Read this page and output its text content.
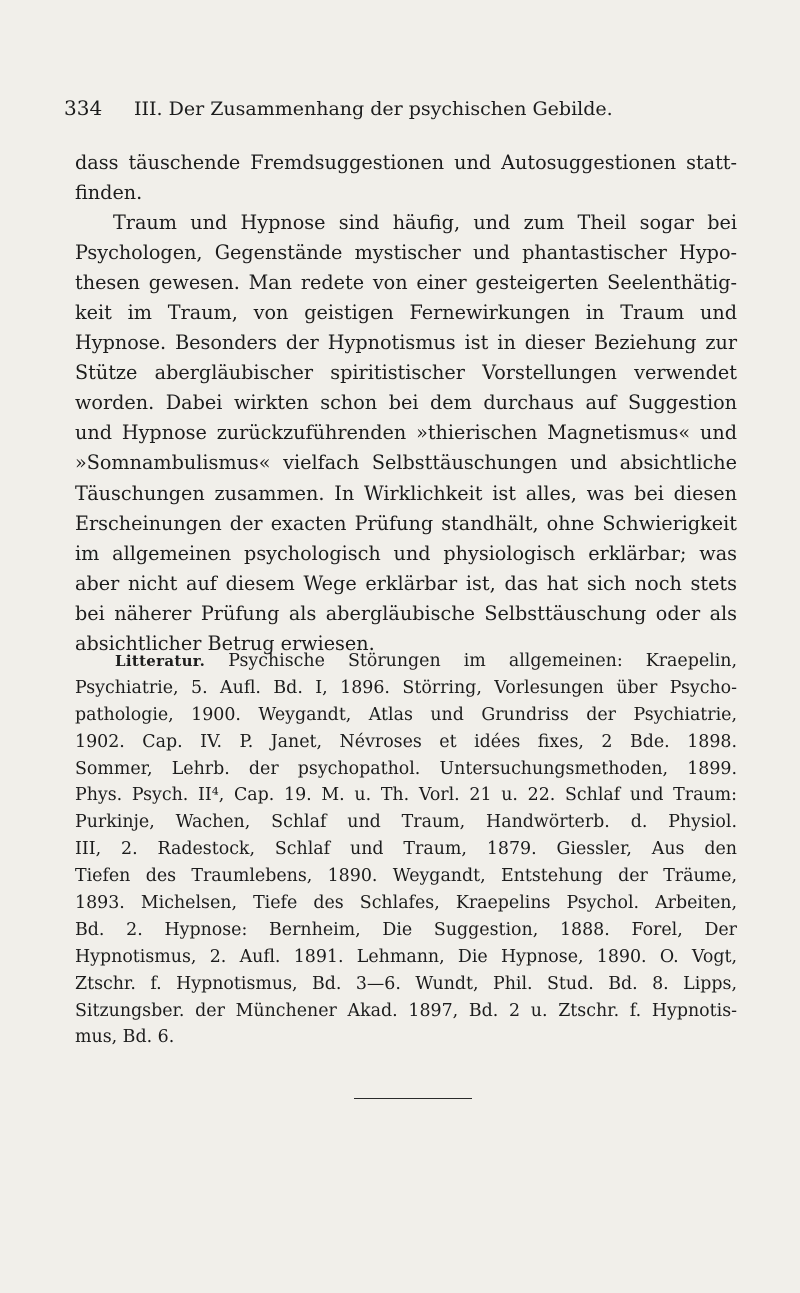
334 III. Der Zusammenhang der psychischen Gebilde.
dass täuschende Fremdsuggestionen und Autosuggestionen statt-
finden.
Traum und Hypnose sind häufig, und zum Theil sogar bei
Psychologen, Gegenstände mystischer und phantastischer Hypo-
thesen gewesen. Man redete von einer gesteigerten Seelenthätig-
keit im Traum, von geistigen Fernewirkungen in Traum und
Hypnose. Besonders der Hypnotismus ist in dieser Beziehung zur
Stütze abergläubischer spiritistischer Vorstellungen verwendet
worden. Dabei wirkten schon bei dem durchaus auf Suggestion
und Hypnose zurückzuführenden »thierischen Magnetismus« und
»Somnambulismus« vielfach Selbsttäuschungen und absichtliche
Täuschungen zusammen. In Wirklichkeit ist alles, was bei diesen
Erscheinungen der exacten Prüfung standhält, ohne Schwierigkeit
im allgemeinen psychologisch und physiologisch erklärbar; was
aber nicht auf diesem Wege erklärbar ist, das hat sich noch stets
bei näherer Prüfung als abergläubische Selbsttäuschung oder als
absichtlicher Betrug erwiesen.
Litteratur. Psychische Störungen im allgemeinen: Kraepelin,
Psychiatrie, 5. Aufl. Bd. I, 1896. Störring, Vorlesungen über Psycho-
pathologie, 1900. Weygandt, Atlas und Grundriss der Psychiatrie,
1902. Cap. IV. P. Janet, Névroses et idées fixes, 2 Bde. 1898.
Sommer, Lehrb. der psychopathol. Untersuchungsmethoden, 1899.
Phys. Psych. II⁴, Cap. 19. M. u. Th. Vorl. 21 u. 22. Schlaf und Traum:
Purkinje, Wachen, Schlaf und Traum, Handwörterb. d. Physiol.
III, 2. Radestock, Schlaf und Traum, 1879. Giessler, Aus den
Tiefen des Traumlebens, 1890. Weygandt, Entstehung der Träume,
1893. Michelsen, Tiefe des Schlafes, Kraepelins Psychol. Arbeiten,
Bd. 2. Hypnose: Bernheim, Die Suggestion, 1888. Forel, Der
Hypnotismus, 2. Aufl. 1891. Lehmann, Die Hypnose, 1890. O. Vogt,
Ztschr. f. Hypnotismus, Bd. 3—6. Wundt, Phil. Stud. Bd. 8. Lipps,
Sitzungsber. der Münchener Akad. 1897, Bd. 2 u. Ztschr. f. Hypnotis-
mus, Bd. 6.
